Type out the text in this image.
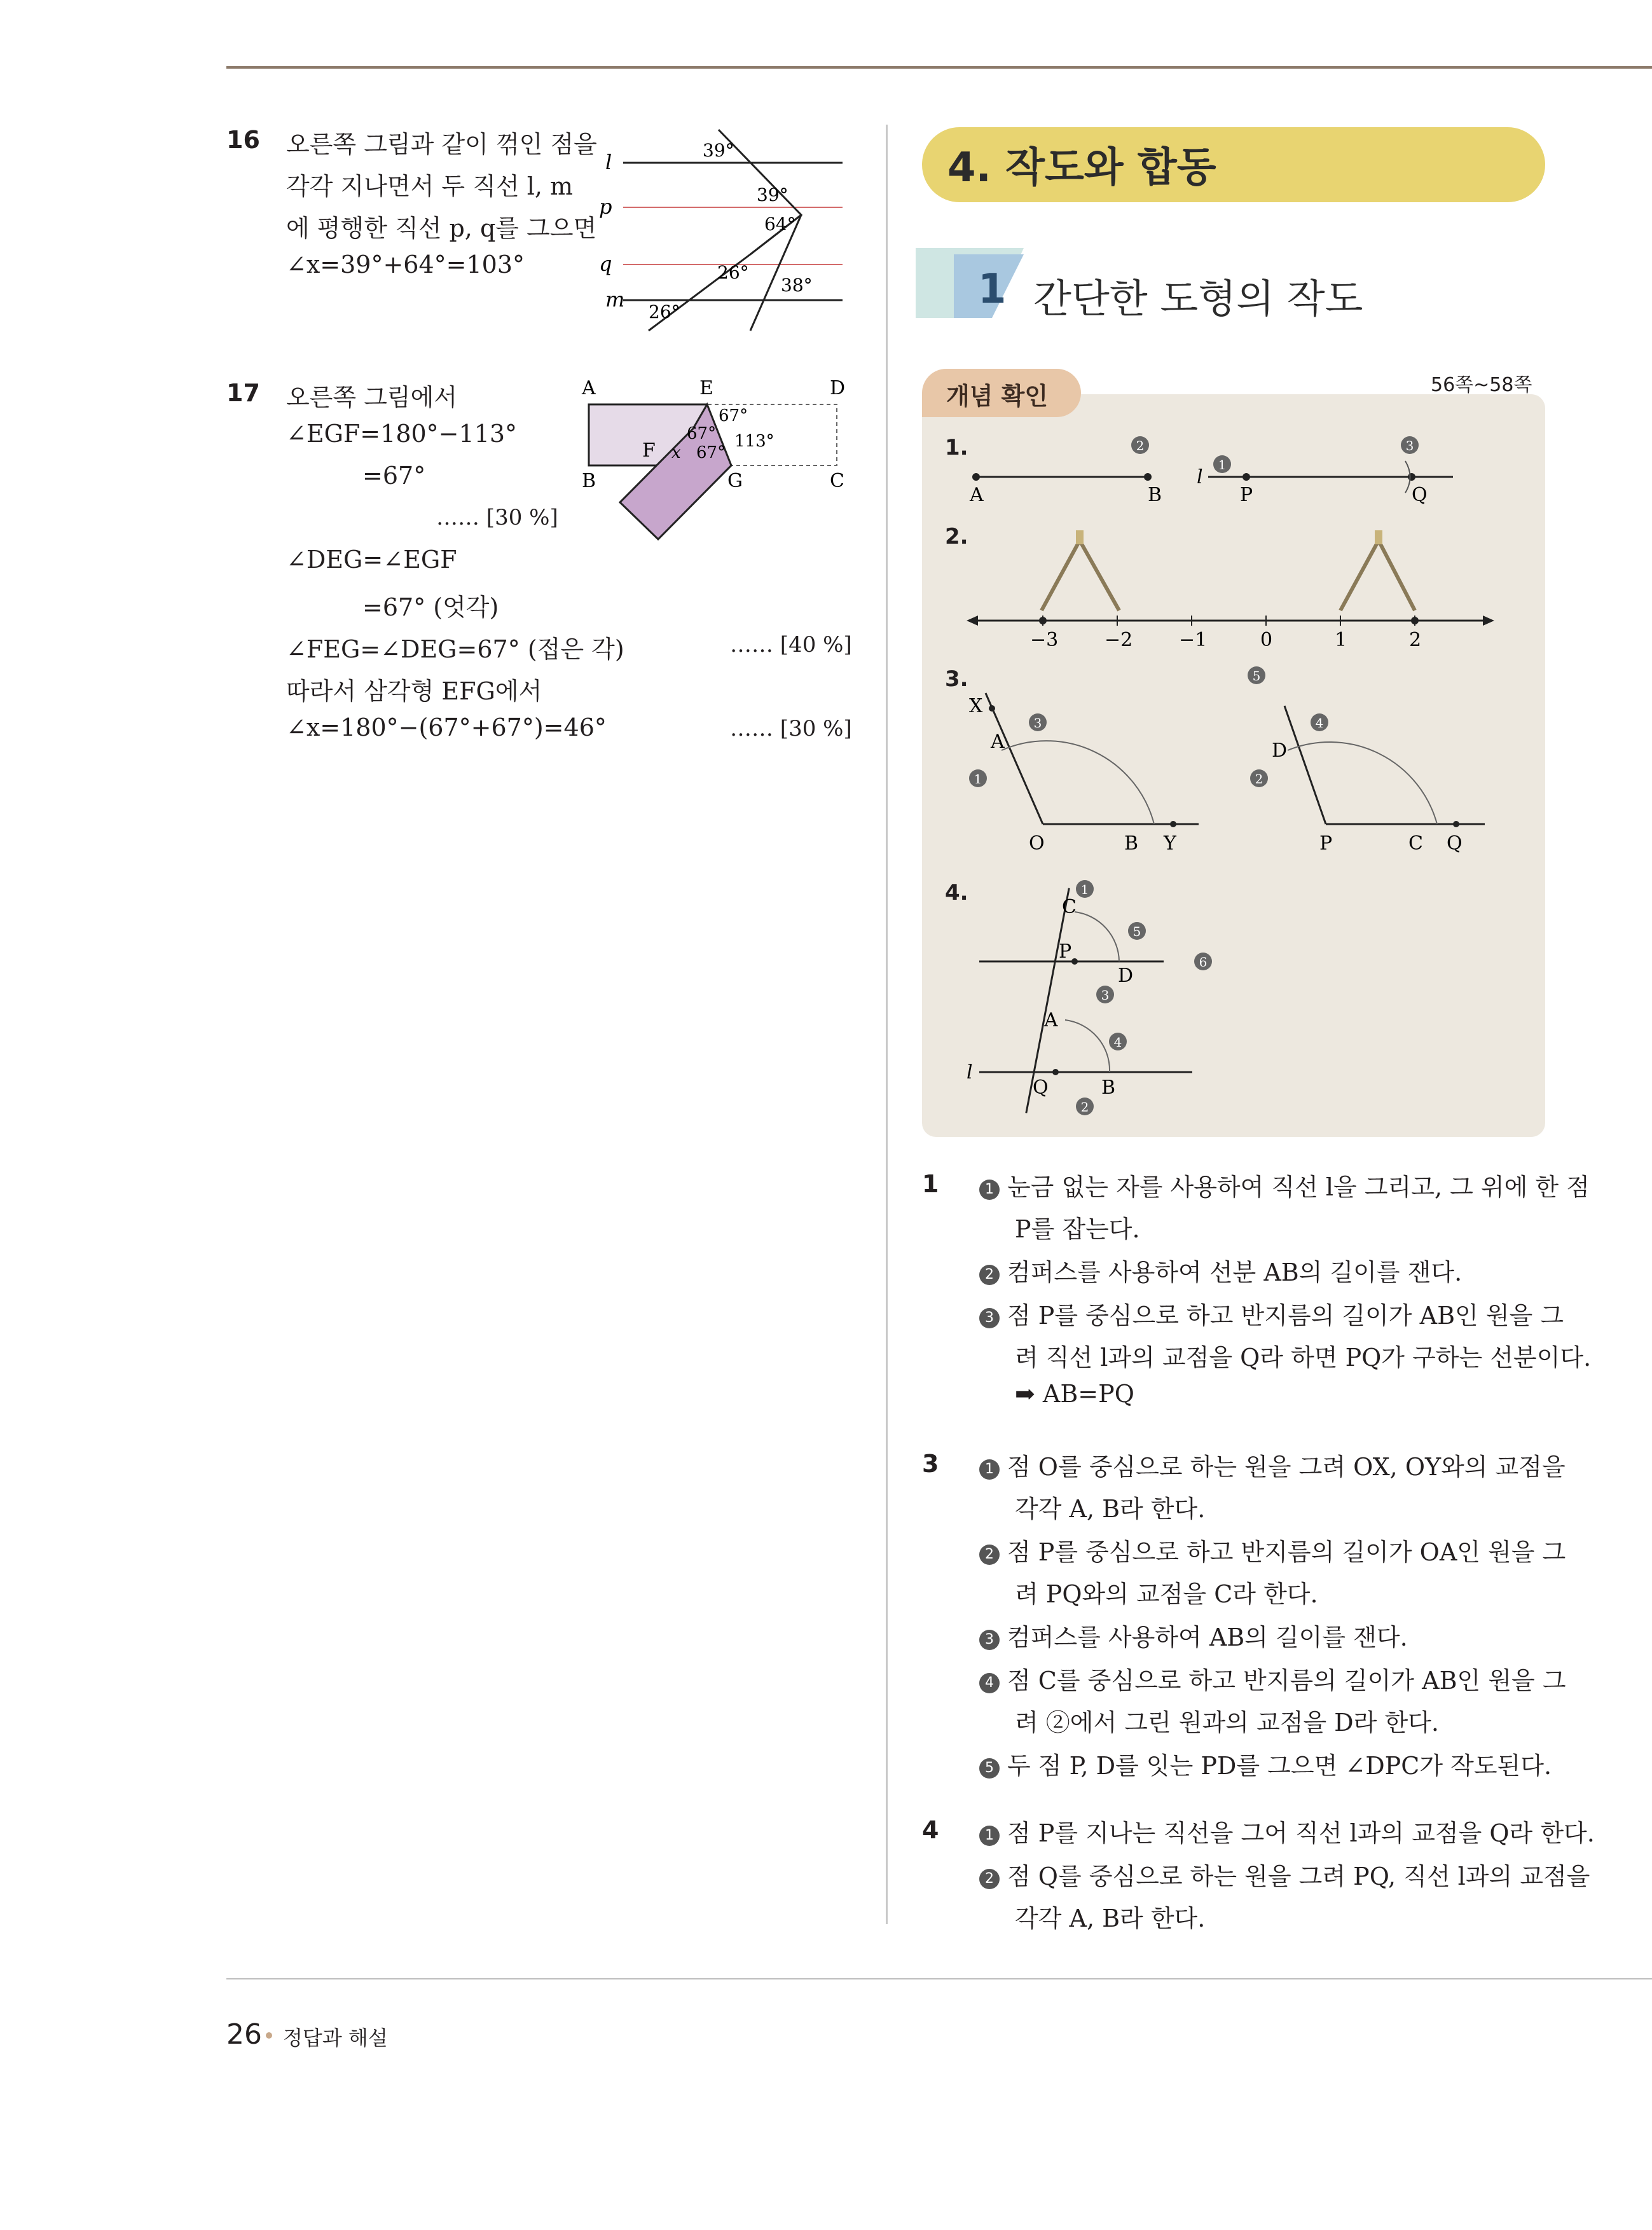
16 오른쪽 그림과 같이 꺾인 점을
각각 지나면서 두 직선 l, m
에 평행한 직선 p, q를 그으면
∠x=39°+64°=103°
l
p
q
m
39°
39°
64°
26°
38°
26°
17 오른쪽 그림에서
∠EGF=180°−113°
=67°
…… [30 %]
∠DEG=∠EGF
=67° (엇각)
∠FEG=∠DEG=67° (접은 각)	…… [40 %]
따라서 삼각형 EFG에서
∠x=180°−(67°+67°)=46°	…… [30 %]
A	E	D
B	G	C
F
67°
67° 113°
67°
x
4. 작도와 합동
1 간단한 도형의 작도
개념 확인	56쪽~58쪽
1.
A	B
l
P	Q
1
2	3
2.
−3 −2 −1	0	1	2
3.
X
A
O	B Y
D
P	C Q
1	2
3	4
5
4.
C
P
D
A
l
Q	B
1
2
3
4
5
6
1	1 눈금 없는 자를 사용하여 직선 l을 그리고, 그 위에 한 점
P를 잡는다.
2 컴퍼스를 사용하여 선분 AB의 길이를 잰다.
3 점 P를 중심으로 하고 반지름의 길이가 AB인 원을 그
려 직선 l과의 교점을 Q라 하면 PQ가 구하는 선분이다.
➡ AB=PQ
3	1 점 O를 중심으로 하는 원을 그려 OX, OY와의 교점을
각각 A, B라 한다.
2 점 P를 중심으로 하고 반지름의 길이가 OA인 원을 그
려 PQ와의 교점을 C라 한다.
3 컴퍼스를 사용하여 AB의 길이를 잰다.
4 점 C를 중심으로 하고 반지름의 길이가 AB인 원을 그
려 ②에서 그린 원과의 교점을 D라 한다.
5 두 점 P, D를 잇는 PD를 그으면 ∠DPC가 작도된다.
4	1 점 P를 지나는 직선을 그어 직선 l과의 교점을 Q라 한다.
2 점 Q를 중심으로 하는 원을 그려 PQ, 직선 l과의 교점을
각각 A, B라 한다.
26 정답과 해설
